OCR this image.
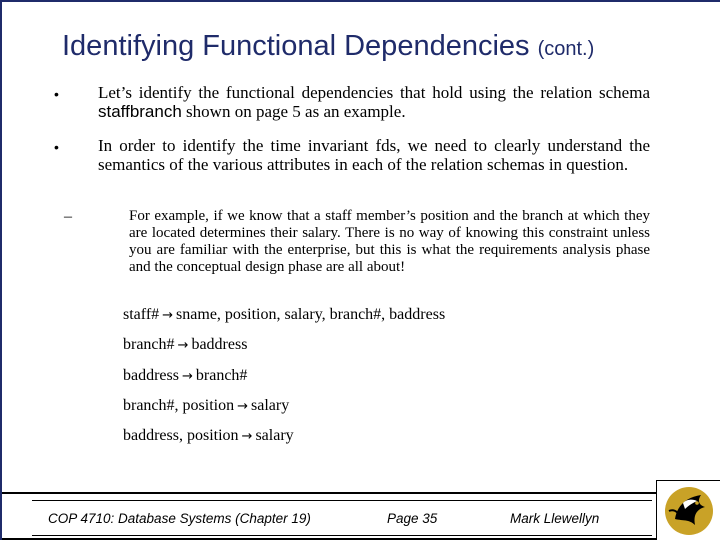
Identifying Functional Dependencies (cont.)
• Let’s identify the functional dependencies that hold using the relation schema staffbranch shown on page 5 as an example.
• In order to identify the time invariant fds, we need to clearly understand the semantics of the various attributes in each of the relation schemas in question.
–	For example, if we know that a staff member’s position and the branch at which they are located determines their salary. There is no way of knowing this constraint unless you are familiar with the enterprise, but this is what the requirements analysis phase and the conceptual design phase are all about!
staff# → sname, position, salary, branch#, baddress
branch# → baddress
baddress → branch#
branch#, position → salary
baddress, position → salary
COP 4710: Database Systems (Chapter 19)	Page 35	Mark Llewellyn
